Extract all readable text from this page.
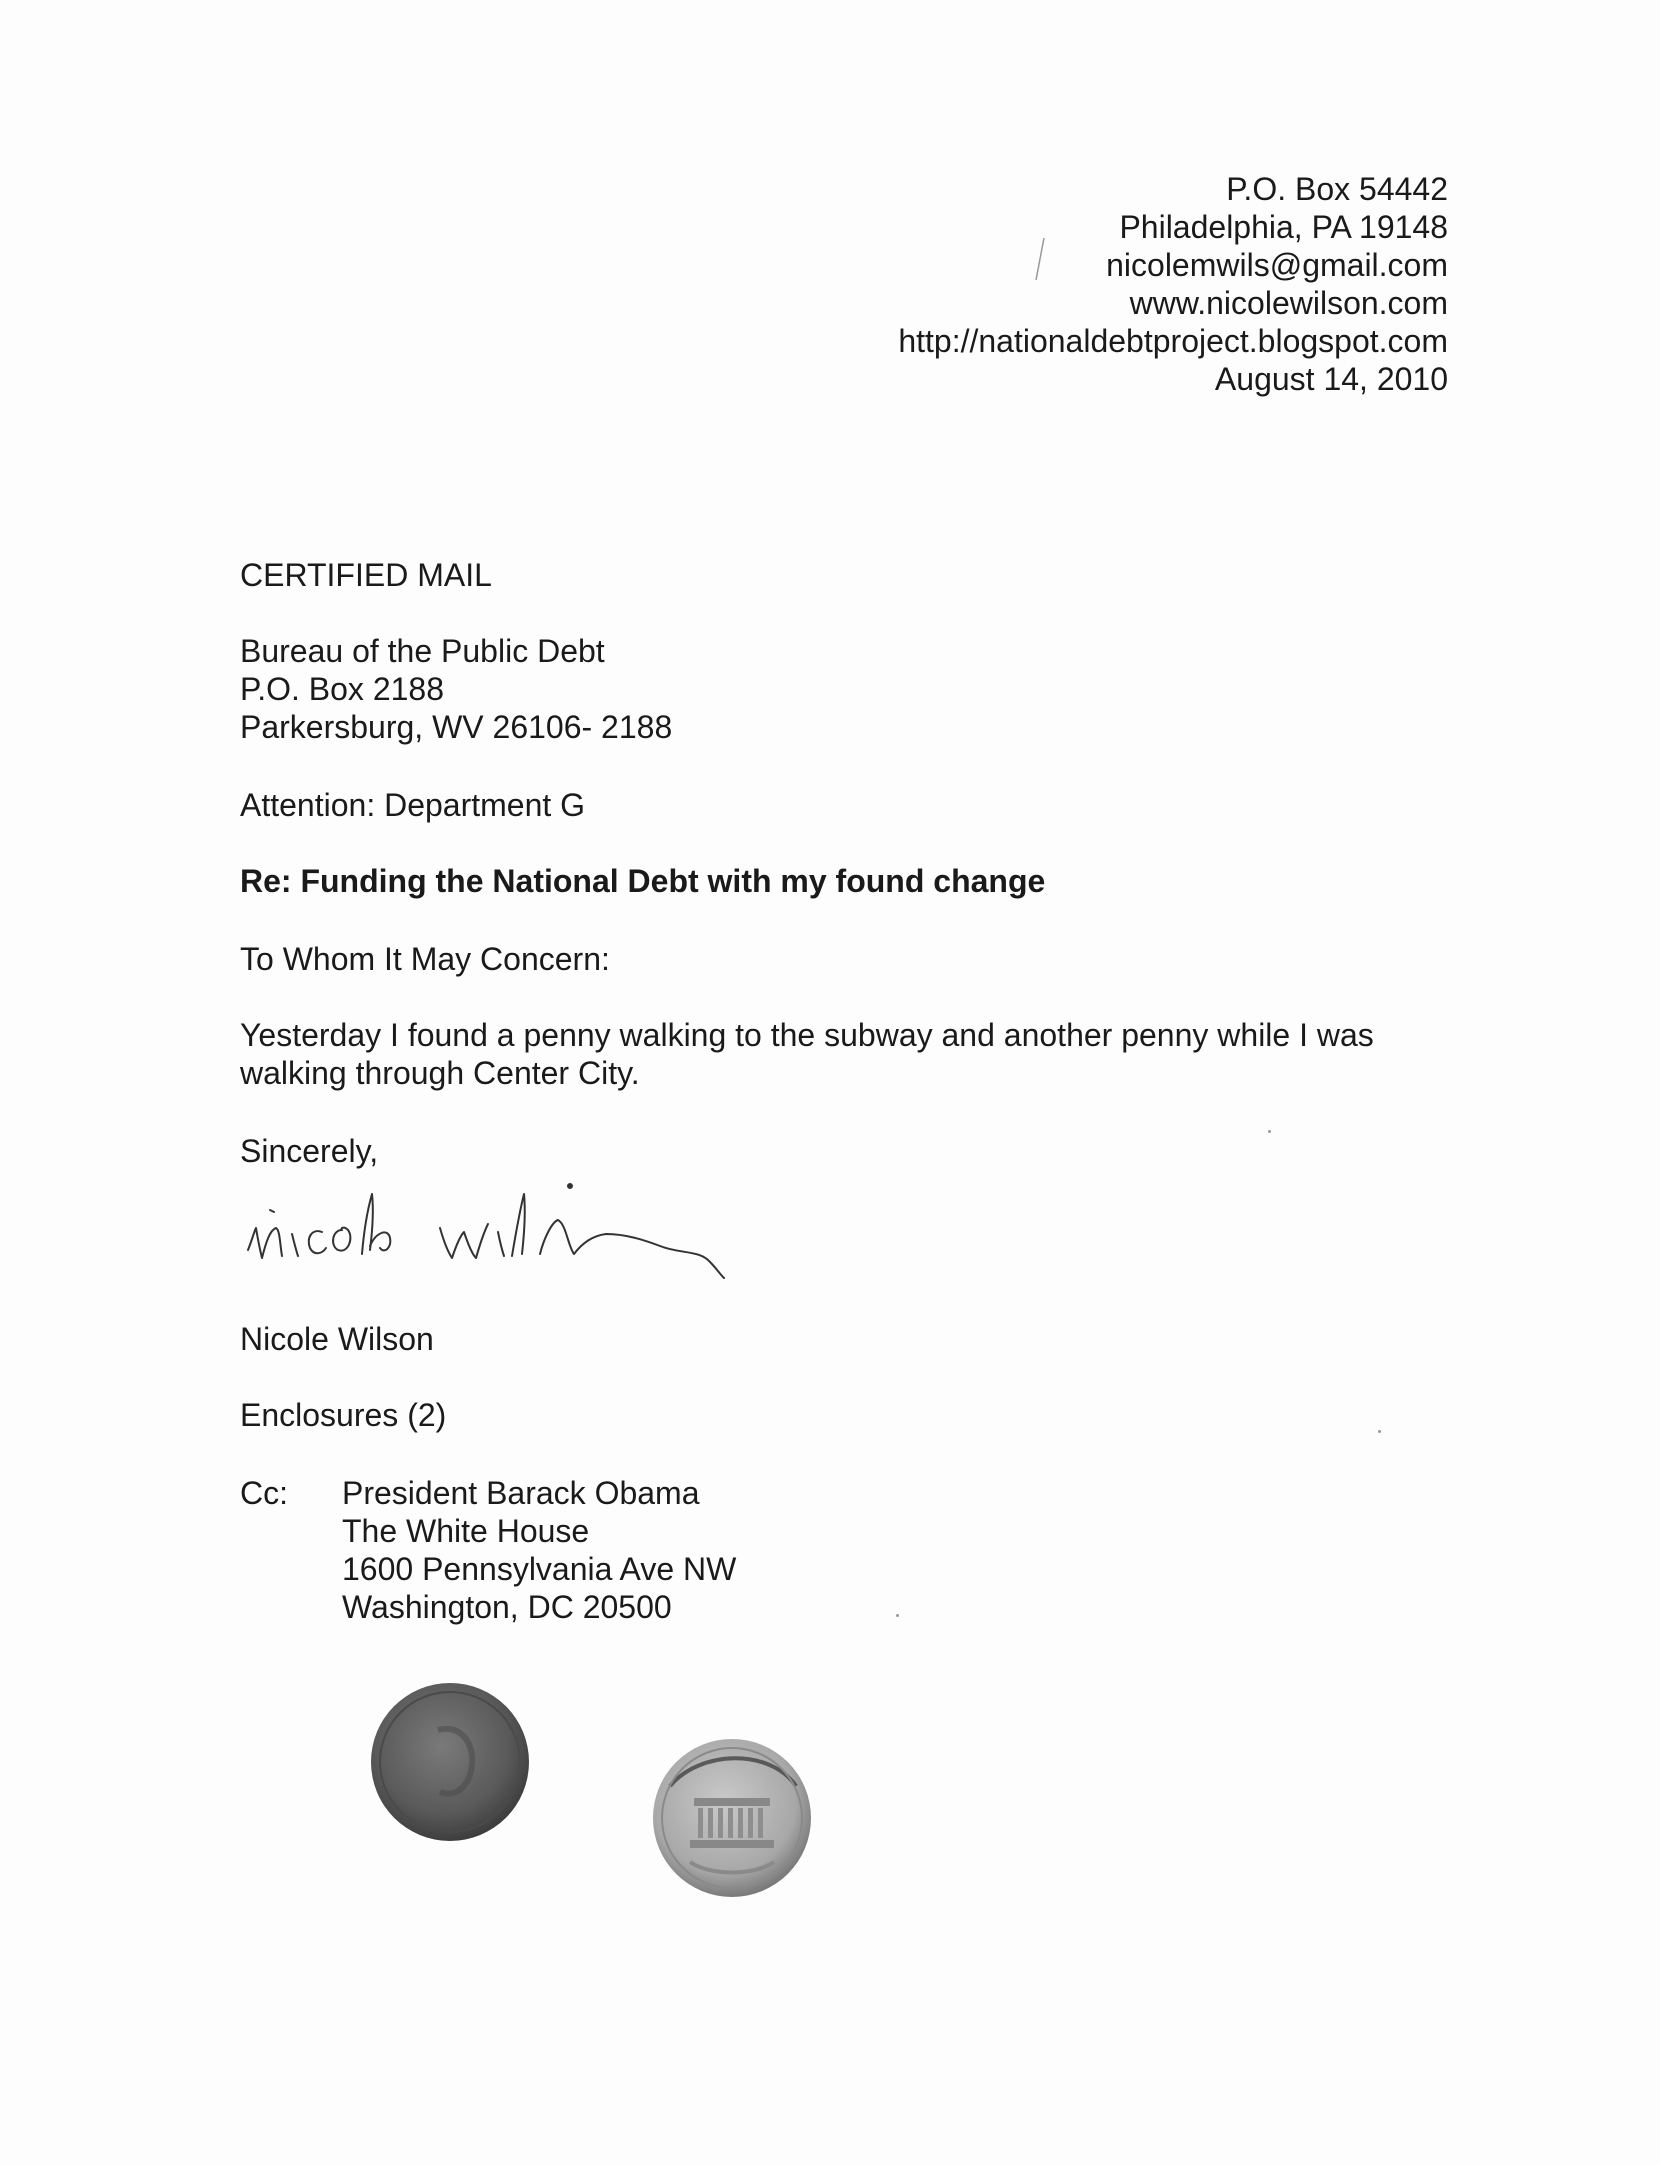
P.O. Box 54442
Philadelphia, PA 19148
nicolemwils@gmail.com
www.nicolewilson.com
http://nationaldebtproject.blogspot.com
August 14, 2010
CERTIFIED MAIL
Bureau of the Public Debt
P.O. Box 2188
Parkersburg, WV 26106- 2188
Attention: Department G
Re: Funding the National Debt with my found change
To Whom It May Concern:
Yesterday I found a penny walking to the subway and another penny while I was
walking through Center City.
Sincerely,
Nicole Wilson
Enclosures (2)
Cc: President Barack Obama
The White House
1600 Pennsylvania Ave NW
Washington, DC 20500
